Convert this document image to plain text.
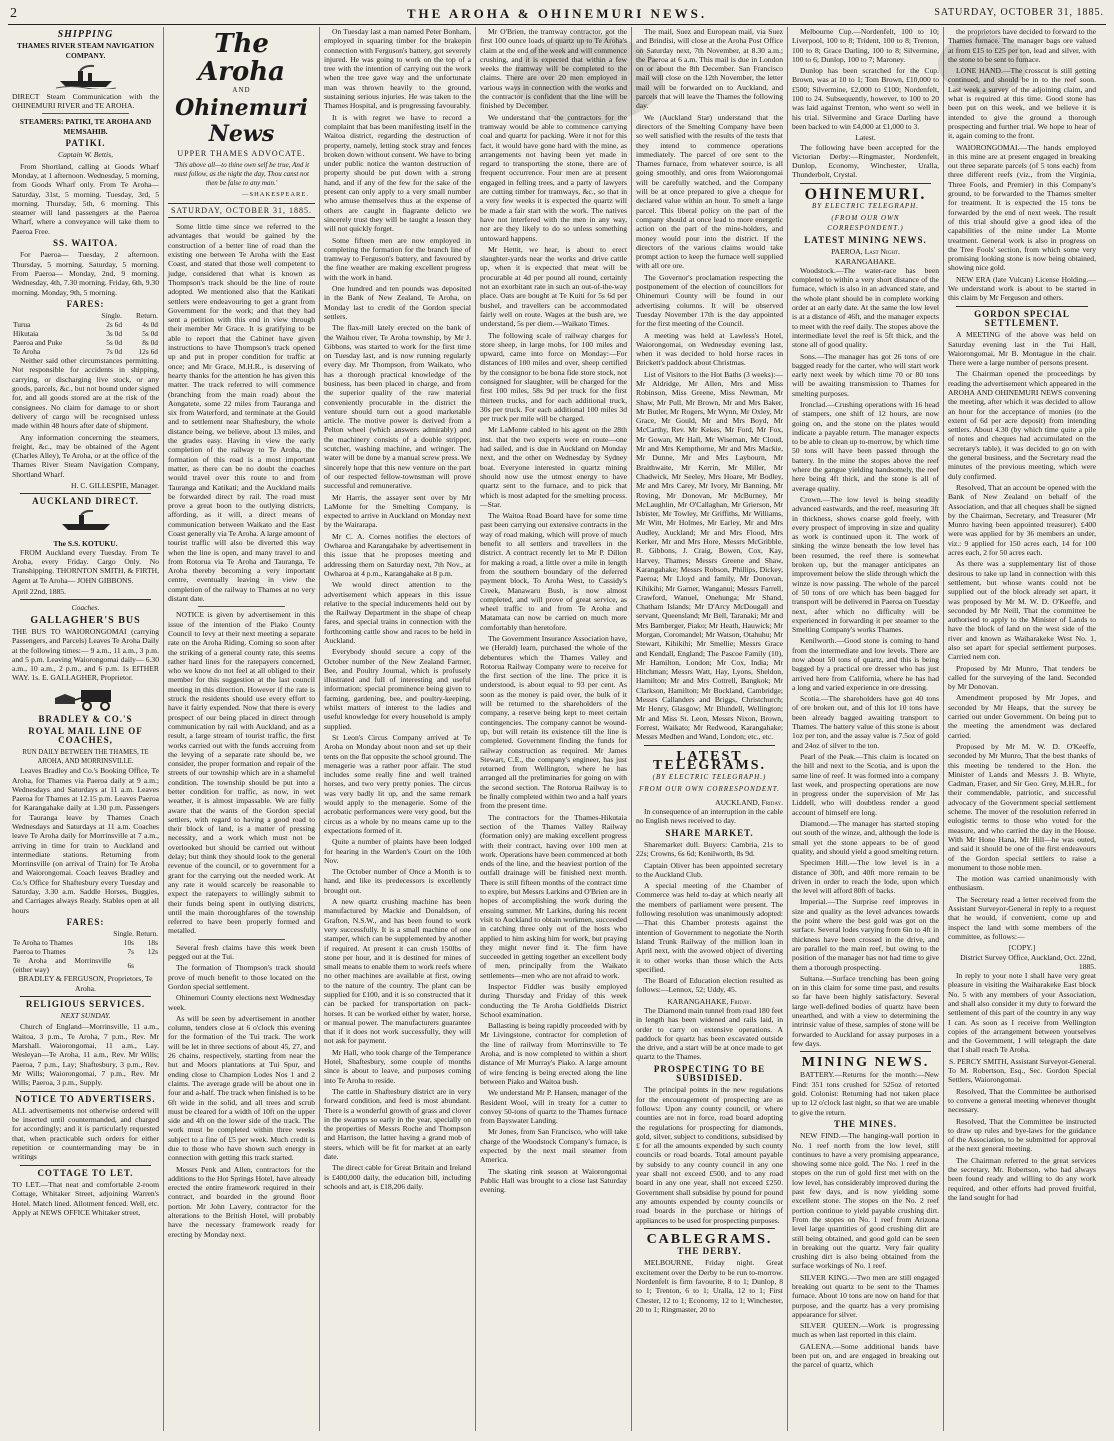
2	THE AROHA & OHINEMURI NEWS.	SATURDAY, OCTOBER 31, 1885.
SHIPPING
THAMES RIVER STEAM NAVIGATION COMPANY.

DIRECT Steam Communication with the OHINEMURI RIVER and TE AROHA.

STEAMERS: PATIKI, TE AROHA AND MEMSAHIB.
PATIKI.
Captain W. Bettis,

From Shortland, calling at Goods Wharf Monday, at 1 afternoon. Wednesday, 5 morning, from Goods Wharf only. From Te Aroha— Saturday, 31st, 5 morning. Tuesday, 3rd, 5 morning. Thursday, 5th, 6 morning. This steamer will land passengers at the Paeroa Wharf, where a conveyance will take them to Paeroa Free.

SS. WAITOA.

For Paeroa— Tuesday, 2 afternoon. Thursday, 5 morning. Saturday, 5 morning. From Paeroa— Monday, 2nd, 9 morning. Wednesday, 4th, 7.30 morning. Friday, 6th, 9.30 morning. Monday, 9th, 5 morning.

FARES:
	Single.	Return.
Turua	2s 6d	4s 0d
Hikutaia	3s 0d	5s 0d
Paeroa and Puke	5s 0d	8s 0d
Te Aroha	7s 0d	12s 6d

Neither said other circumstances permitting. Not responsible for accidents in shipping, carrying, or discharging live stock, or any goods, parcels, &c., but not bound under signed for, and all goods stored are at the risk of the consignees. No claim for damage to or short delivery of cargo will be recognised unless made within 48 hours after date of shipment.

Any information concerning the steamers, freight, &c., may be obtained of the Agent (Charles Alley), Te Aroha, or at the office of the Thames River Steam Navigation Company, Shortland Wharf.

H. C. GILLESPIE, Manager.
AUCKLAND DIRECT.
The S.S. KOTUKU.

FROM Auckland every Tuesday. From Te Aroha, every Friday. Cargo Only. No Transhipping. THORNTON SMITH, & FIRTH, Agent at Te Aroha— JOHN GIBBONS.

April 22nd, 1885.
Coaches.
GALLAGHER'S BUS

THE BUS TO WAIORONGOMAI (carrying Passengers, and Parcels) Leaves Te Aroha Daily at the following times:— 9 a.m., 11 a.m., 3 p.m. and 5 p.m. Leaving Waiorongomai daily— 6.30 a.m., 10 a.m., 2 p.m., and 6 p.m. 1s EITHER WAY. 1s. E. GALLAGHER, Proprietor.

BRADLEY & CO.'S
ROYAL MAIL LINE OF COACHES,
RUN DAILY BETWEEN THE THAMES, TE AROHA, AND MORRINSVILLE.

Leaves Bradley and Co.'s Booking Office, Te Aroha, for Thames via Paeroa daily at 9 a.m.; Wednesdays and Saturdays at 11 a.m. Leaves Paeroa for Thames at 12.15 p.m. Leaves Paeroa for Karangahake daily at 1.30 p.m. Passengers for Tauranga leave by Thames Coach Wednesdays and Saturdays at 11 a.m. Coaches leave Te Aroha daily for Morrinsville at 7 a.m., arriving in time for train to Auckland and intermediate stations. Returning from Morrinsville (on arrival of Train) for Te Aroha and Waiorongomai. Coach leaves Bradley and Co.'s Office for Shaftesbury every Tuesday and Saturday, 3.30 a.m. Saddle Horses, Buggies, and Carriages always Ready. Stables open at all hours

FARES:
	Single.	Return.
Te Aroha to Thames	10s	18s
Paeroa to Thames	7s	12s
Te Aroha and Morrinsville (either way)	6s	
BRADLEY & FERGUSON, Proprietors, Te Aroha.
RELIGIOUS SERVICES.
NEXT SUNDAY.

Church of England—Morrinsville, 11 a.m., Waitoa, 3 p.m., Te Aroha, 7 p.m., Rev. Mr Marshall. Waiorongomai, 11 a.m., Lay. Wesleyan—Te Aroha, 11 a.m., Rev. Mr Wills; Paeroa, 7 p.m., Lay; Shaftesbury, 3 p.m., Rev. Mr Wills; Waiorongomai, 7 p.m., Rev. Mr Wills; Paeroa, 3 p.m., Supply.

NOTICE TO ADVERTISERS.

ALL advertisements not otherwise ordered will be inserted until countermanded, and charged for accordingly; and it is particularly requested that, when practicable such orders for either repetition or countermanding may be in writings

COTTAGE TO LET.

TO LET.—That neat and comfortable 2-room Cottage, Whitaker Street, adjoining Warren's Hotel. Match lined. Allotment fenced. Well, etc. Apply at NEWS OFFICE Whitaker street,

The Aroha
AND
Ohinemuri News
UPPER THAMES ADVOCATE.
'This above all—to thine own self be true, And it must follow, as the night the day, Thou canst not then be false to any man.'
—SHAKESPEARE.
SATURDAY, OCTOBER 31, 1885.

Some little time since we referred to the advantages that would be gained by the construction of a better line of road than the existing one between Te Aroha with the East Coast, and stated that those well competent to judge, considered that what is known as Thompson's track should be the line of route adopted. We mentioned also that the Katikati settlers were endeavouring to get a grant from Government for the work; and that they had sent a petition with this end in view through their member Mr Grace. It is gratifying to be able to report that the Cabinet have given instructions to have Thompson's track opened up and put in proper condition for traffic at once; and Mr Grace, M.H.R., is deserving of hearty thanks for the attention he has given this matter. The track referred to will commence (branching from the main road) about the Aongatete, some 22 miles from Tauranga and six from Waterford, and terminate at the Gould and to settlement near Shaftesbury, the whole distance being, we believe, about 13 miles, and the grades easy. Having in view the early completion of the railway to Te Aroha, the formation of this road is a most important matter, as there can be no doubt the coaches would travel over this route to and from Tauranga and Katikati; and the Auckland mails be forwarded direct by rail. The road must prove a great boon to the outlying districts, affording, as it will, a direct means of communication between Waikato and the East Coast generally via Te Aroha. A large amount of tourist traffic will also be diverted this way when the line is open, and many travel to and from Rotorua via Te Aroha and Tauranga, Te Aroha thereby becoming a very important centre, eventually leaving in view the completion of the railway to Thames at no very distant date.

NOTICE is given by advertisement in this issue of the intention of the Piako County Council to levy at their next meeting a separate rate on the Aroha Riding. Coming so soon after the striking of a general county rate, this seems rather hard lines for the ratepayers concerned, who we know do not feel at all obliged to their member for this suggestion at the last council meeting in this direction. However if the rate is struck the residents should use every effort to have it fairly expended. Now that there is every prospect of our being placed in direct through communication by rail with Auckland, and as a result, a large stream of tourist traffic, the first works carried out with the funds accruing from the levying of a separate rate should be, we consider, the proper formation and repair of the streets of our township which are in a shameful condition. The township should be put into a better condition for traffic, as now, in wet weather, it is almost impassable. We are fully aware that the wants of the Gordon special settlers, with regard to having a good road to their block of land, is a matter of pressing necessity, and a work which must not be overlooked but should be carried out without delay; but think they should look to the general revenue of the council, or to government for a grant for the carrying out the needed work. At any rate it would scarcely be reasonable to expect the ratepayers to willingly submit to their funds being spent in outlying districts, until the main thoroughfares of the township referred to have been properly formed and metalled.

Several fresh claims have this week been pegged out at the Tui.

The formation of Thompson's track should prove of much benefit to those located on the Gordon special settlement.

Ohinemuri County elections next Wednesday week.

As will be seen by advertisement in another column, tenders close at 6 o'clock this evening for the formation of the Tui track. The work will be let in three sections of about 45, 27, and 26 chains, respectively, starting from near the hut and Moors plantations at Tui Spur, and ending close to Champion Lodes Nos 1 and 2 claims. The average grade will be about one in four and a-half. The track when finished is to be 6ft wide in the solid, and all trees and scrub must be cleared for a width of 10ft on the upper side and 4ft on the lower side of the track. The work must be completed within three weeks subject to a fine of £5 per week. Much credit is due to those who have shown such energy in connection with getting this track started.

Messrs Penk and Allen, contractors for the additions to the Hot Springs Hotel, have already erected the entire framework required in their contract, and boarded in the ground floor portion. Mr John Lavery, contractor for the alterations to the British Hotel, will probably have the necessary framework ready for erecting by Monday next.

On Tuesday last a man named Peter Bonham, employed in squaring timber for the brakepin connection with Ferguson's battery, got severely injured. He was going to work on the top of a tree with the intention of carrying out the work when the tree gave way and the unfortunate man was thrown heavily to the ground, sustaining serious injuries. He was taken to the Thames Hospital, and is progressing favourably.

It is with regret we have to record a complaint that has been manifesting itself in the Waitoa district, regarding the destruction of property, namely, letting stock stray and fences broken down without consent. We have to bring under public notice the wanton destruction of property should be put down with a strong hand, and if any of the few for the sake of the present can only apply to a very small number who amuse themselves thus at the expense of others are caught in flagrante delicto we sincerely trust they will be taught a lesson they will not quickly forget.

Some fifteen men are now employed in completing the formation for the branch line of tramway to Ferguson's battery, and favoured by the fine weather are making excellent progress with the work in hand.

One hundred and ten pounds was deposited in the Bank of New Zealand, Te Aroha, on Monday last to credit of the Gordon special settlers.

The flax-mill lately erected on the bank of the Waihou river, Te Aroha township, by Mr J. Gibbons, was started to work for the first time on Tuesday last, and is now running regularly every day. Mr Thompson, from Waikato, who has a thorough practical knowledge of the business, has been placed in charge, and from the superior quality of the raw material conveniently procurable in the district the venture should turn out a good marketable article. The motive power is derived from a Pelton wheel (which answers admirably) and the machinery consists of a double stripper, scutcher, washing machine, and wringer. The water will be done by a manual screw press. We sincerely hope that this new venture on the part of our respected fellow-townsman will prove successful and remunerative.

Mr Harris, the assayer sent over by Mr LaMonte for the Smelting Company, is expected to arrive in Auckland on Monday next by the Wairarapa.

Mr C. A. Cornes notifies the electors of Owharoa and Karangahake by advertisement in this issue that he proposes meeting and addressing them on Saturday next, 7th Nov., at Owharoa at 4 p.m., Karangahake at 8 p.m.

We would direct attention to the advertisement which appears in this issue relative to the special inducements held out by the Railway Department in the shape of cheap fares, and special trains in connection with the forthcoming cattle show and races to be held in Auckland.

Everybody should secure a copy of the October number of the New Zealand Farmer, Bee, and Poultry Journal, which is profusely illustrated and full of interesting and useful information; special prominence being given to farming, gardening, bee, and poultry-keeping, whilst matters of interest to the ladies and useful knowledge for every household is amply supplied.

St Leon's Circus Company arrived at Te Aroha on Monday about noon and set up their tents on the flat opposite the school ground. The menagerie was a rather poor affair. The stud includes some really fine and well trained horses, and two very pretty ponies. The circus was very badly lit up, and the same remark would apply to the menagerie. Some of the acrobatic performances were very good, but the circus as a whole by no means came up to the expectations formed of it.

Quite a number of plaints have been lodged for hearing in the Warden's Court on the 10th Nov.

The October number of Once a Month is to hand, and like its predecessors is excellently brought out.

A new quartz crushing machine has been manufactured by Mackie and Donaldson, of Grafton, N.S.W., and has been found to work very successfully. It is a small machine of one stamper, which can be supplemented by another if required. At present it can crush 150lbs of stone per hour, and it is destined for mines of small means to enable them to work reefs where no other machines are available at first, owing to the nature of the country. The plant can be supplied for £100, and it is so constructed that it can be packed for transportation on pack-horses. It can be worked either by water, horse, or manual power. The manufacturers guarantee that if it does not work successfully, they will not ask for payment.

Mr Hall, who took charge of the Temperance Hotel, Shaftesbury, some couple of months since is about to leave, and purposes coming into Te Aroha to reside.

The cattle in Shaftesbury district are in very forward condition, and feed is most abundant. There is a wonderful growth of grass and clover in the swamps so early in the year, specially on the properties of Messrs Roche and Thompson and Harrison, the latter having a grand mob of steers, which will be fit for market at an early date.

The direct cable for Great Britain and Ireland is £400,000 daily, the education bill, including schools and art, is £18,206 daily.

Mr O'Brien, the tramway contractor, got the first 100 ounce loads of quartz up to Te Aroha's claim at the end of the week and will commence crushing, and it is expected that within a few weeks the tramway will be completed to the claims. There are over 20 men employed in various ways in connection with the works and the contractor is confident that the line will be finished by December.

We understand that the contractors for the tramway would be able to commence carrying coal and quartz for packing. Were it not for this fact, it would have gone hard with the mine, as arrangements not having been yet made in regard to transporting the stone, there are of frequent occurrence. Four men are at present engaged in felling trees, and a party of lawyers are cutting timber for tramways, &c., so that in a very few weeks it is expected the quartz will be made a fair start with the work. The natives have not interfered with the men in any way, nor are they likely to do so unless something untoward happens.

Mr Hettit, we hear, is about to erect slaughter-yards near the works and drive cattle up, when it is expected that meat will be procurable at 4d per pound all round, certainly not an exorbitant rate in such an out-of-the-way place. Oats are bought at Te Kuiti for 5s 6d per bushel, and travellers can be accommodated fairly well on route. Wages at the bush are, we understand, 5s per diem.—Waikato Times.

The following scale of railway charges for store sheep, in large mobs, for 100 miles and upward, came into force on Monday:—For distances of 100 miles and over, sheep certified by the consignor to be bona fide store stock, not consigned for slaughter, will be charged for the first 100 miles, 58s 9d per truck for the first thirteen trucks, and for each additional truck, 30s per truck. For each additional 100 miles 3d per truck per mile will be charged.

Mr LaMonte cabled to his agent on the 28th inst. that the two experts were en route—one had sailed, and is due in Auckland on Monday next, and the other on Wednesday by Sydney boat. Everyone interested in quartz mining should now use the utmost energy to have quartz sent to the furnace, and to pick that which is most adapted for the smelting process.—Star.

The Waitoa Road Board have for some time past been carrying out extensive contracts in the way of road making, which will prove of much benefit to all settlers and travellers in the district. A contract recently let to Mr P. Dillon for making a road, a little over a mile in length from the southern boundary of the deferred payment block, To Aroha West, to Cassidy's Creek, Manawaru Bush, is now almost completed, and will prove of great service, as wheel traffic to and from Te Aroha and Matamata can now be carried on much more comfortably than heretofore.

The Government Insurance Association have, we (Herald) learn, purchased the whole of the debentures which the Thames Valley and Rotorua Railway Company were to receive for the first section of the line. The price it is understood, is about equal to 93 per cent. As soon as the money is paid over, the bulk of it will be returned to the shareholders of the company, a reserve being kept to meet certain contingencies. The company cannot be wound-up, but will retain its existence till the line is completed. Government finding the funds for railway construction as required. Mr James Stewart, C.E., the company's engineer, has just returned from Wellington, where he has arranged all the preliminaries for going on with the second section. The Rotorua Railway is to be finally completed within two and a half years from the present time.

The contractors for the Thames-Hikutaia section of the Thames Valley Railway (formation only) are making excellent progress with their contract, having over 100 men at work. Operations have been commenced at both ends of the line, and the heaviest portion of the outfall drainage will be finished next month. There is still fifteen months of the contract time to expire, but Messrs Larkins and O'Brien are in hopes of accomplishing the work during the ensuing summer. Mr Larkins, during his recent visit to Auckland to obtain workmen, succeeded in catching three only out of the hosts who applied to him asking him for work, but praying they might never find it. The firm have succeeded in getting together an excellent body of men, principally from the Waikato settlements—men who are not afraid to work.

Inspector Fiddler was busily employed during Thursday and Friday of this week conducting the Te Aroha Goldfields District School examination.

Ballasting is being rapidly proceeded with by Mr Livingstone, contractor for completion of the line of railway from Morrinsville to Te Aroha, and is now completed to within a short distance of Mr Murray's Piako. A large amount of wire fencing is being erected along the line between Piako and Waitoa bush.

We understand Mr P. Hansen, manager of the Resident Wool, will in treaty for a cutter to convey 50-tons of quartz to the Thames furnace from Bayswater Landing.

Mr Jones, from San Francisco, who will take charge of the Woodstock Company's furnace, is expected by the next mail steamer from America.

The skating rink season at Waiorongomai Public Hall was brought to a close last Saturday evening.

The mail, Suez and European mail, via Suez and Brindisi, will close at the Aroha Post Office on Saturday next, 7th November, at 8.30 a.m.; the Paeroa at 6 a.m. This mail is due in London on or about the 8th December. San Francisco mail will close on the 12th November, the letter mail will be forwarded on to Auckland, and parcels that will leave the Thames the following day.

We (Auckland Star) understand that the directors of the Smelting Company have been so well satisfied with the results of the tests that they intend to commence operations immediately. The parcel of ore sent to the Thames furnace, from whatever source, is all going smoothly, and ores from Waiorongomai will be carefully watched, and the Company will be at once prepared to give a cheque for declared value within an hour. To smelt a large parcel. This liberal policy on the part of the company should at once lead to more energetic action on the part of the mine-holders, and money would pour into the district. If the directors of the various claims would take prompt action to keep the furnace well supplied with all ore ore.

The Governor's proclamation respecting the postponement of the election of councillors for Ohinemuri County will be found in our advertising columns. It will be observed Tuesday November 17th is the day appointed for the first meeting of the Council.

A meeting was held at Lawless's Hotel, Waiorongomai, on Wednesday evening last, when it was decided to hold horse races in Brickett's paddock about Christmas.

List of Visitors to the Hot Baths (3 weeks):—Mr Aldridge, Mr Allen, Mrs and Miss Robinson, Miss Greene, Miss Newman, Mr Shaw, Mr Pull, Mr Brown, Mr and Mrs Baker, Mr Butler, Mr Rogers, Mr Wynn, Mr Oxley, Mr Grace, Mr Gould, Mr and Mrs Boyd, Mr McCarthy, Rev. Mr Kekes, Mr Ford, Mr Fox, Mr Gowan, Mr Hall, Mr Wiseman, Mr Cloud, Mr and Mrs Kempthorne, Mr and Mrs Mackie, Mr Dunne, Mr and Mrs Laybourn, Mr Braithwaite, Mr Kerrin, Mr Miller, Mr Chadwick, Mr Seeley, Mrs Hoare, Mr Bodley, Mr and Mrs Carey, Mr Ivory, Mr Banning, Mr Roving, Mr Donovan, Mr McBurney, Mr McLaughlin, Mr O'Callaghan, Mr Grierson, Mr Isbister, Mr Towley, Mr Griffiths, Mr Williams, Mr Witt, Mr Holmes, Mr Earley, Mr and Mrs Audley, Auckland; Mr and Mrs Flood, Mrs Kerker, Mr and Mrs Hore, Messrs McGribble, R. Gibbons, J. Craig, Bowen, Cox, Kay, Harvey, Thames; Messrs Greene and Shaw, Karangahake; Messrs Robson, Phillips, Dickey, Paeroa; Mr Lloyd and family, Mr Donovan, Kihikihi; Mr Garner, Wanganui; Messrs Farrell, Crawford, Wanuel, Onehunga; Mr Shand, Chatham Islands; Mr D'Arcy McDougall and servant, Queensland; Mr Bell, Taranaki; Mr and Mrs Bamberger, Piako; Mr Heath, Hauwick; Mr Morgan, Coromandel; Mr Watson, Otahuhu; Mr Stewart, Kihikihi; Mr Smellie; Messrs Grace and Kendall, England; The Pascoe Family (10), Mr Hamilton, London; Mr Cox, India; Mr Hitchman; Messrs Watt, Hay, Lyons, Sheldon, Hamilton; Mr and Mrs Cottrell, Bangkok; Mr Clarkson, Hamilton; Mr Buckland, Cambridge; Messrs Callanders and Briggs, Christchurch; Mr Henry, Glasgow; Mr Blundell, Wellington; Mr and Miss St. Leon, Messrs Nixon, Brown, Forrest, Waikato; Mr Redwood, Karangahake; Messrs Medhen and Wand, London; etc., etc.

LATEST TELEGRAMS.
(BY ELECTRIC TELEGRAPH.)
FROM OUR OWN CORRESPONDENT.
AUCKLAND, Friday.

In consequence of an interruption in the cable no English news received to day.

SHARE MARKET.

Sharemarket dull. Buyers: Cambria, 21s to 22s; Crowns, 6s 6d; Kenilworth, 8s 9d.

Captain Oliver has been appointed secretary to the Auckland Club.

A special meeting of the Chamber of Commerce was held to-day at which nearly all the members of parliament were present. The following resolution was unanimously adopted:—That this Chamber protests against the intention of Government to negotiate the North Island Trunk Railway of the million loan in April next, with the avowed object of diverting it to other works than those which the Acts specified.

The Board of Education election resulted as follows:—Lennox, 52; Uddy, 45.

KARANGAHAKE, Friday.

The Diamond main tunnel from road 180 feet in length has been widened and rails laid, in order to carry on extensive operations. A paddock for quartz has been excavated outside the drive, and a start will be at once made to get quartz to the Thames.

PROSPECTING TO BE SUBSIDISED.

The principal points in the new regulations for the encouragement of prospecting are as follows: Upon any county council, or where counties are not in force, road board adopting the regulations for prospecting for diamonds, gold, silver, subject to conditions, subsidised by £ for all the amounts expended by such county councils or road boards. Total amount payable by subsidy to any county council in any one year shall not exceed £500, and to any road board in any one year, shall not exceed £250. Government shall subsidise by pound for pound any amounts expended by county councils or road boards in the purchase or hirings of appliances to be used for prospecting purposes.

CABLEGRAMS.
THE DERBY.

MELBOURNE, Friday night. Great excitement over the Derby to be run to-morrow. Nordenfelt is firm favourite, 8 to 1; Dunlop, 8 to 1; Trenton, 6 to 1; Uralla, 12 to 1; First Chester, 12 to 1; Economy, 12 to 1; Winchester, 20 to 1; Ringmaster, 20 to

Melbourne Cup.—Nordenfelt, 100 to 10; Liverpool, 100 to 8; Trident, 100 to 8; Trenton, 100 to 8; Grace Darling, 100 to 8; Silvermine, 100 to 6; Dunlop, 100 to 7; Maroney.

Dunlop has been scratched for the Cup. Brown, was at 10 to 1; Tom Brown, £10,000 to £500; Silvermine, £2,000 to £100; Nordenfelt, 100 to 24. Subsequently, however, to 100 to 20 was laid against Trenton, who went so well in his trial. Silvermine and Grace Darling have been backed to win £4,000 at £1,000 to 3.

Latest.

The following have been accepted for the Victorian Derby:—Ringmaster, Nordenfelt, Dunlop, Economy, Winchester, Uralla, Thunderbolt, Crystal.

OHINEMURI.
BY ELECTRIC TELEGRAPH.
(FROM OUR OWN CORRESPONDENT.)
LATEST MINING NEWS.
PAEROA, Last Night.
KARANGAHAKE.

Woodstock.—The water-race has been completed to within a very short distance of the furnace, which is also in an advanced state, and the whole plant should be in complete working order at an early date. At the same the low level is at a distance of 46ft, and the manager expects to meet with the reef daily. The stopes above the intermediate level the reef is 5ft thick, and the stone all of good quality.

Sons.—The manager has got 26 tons of ore bagged ready for the carter, who will start work early next week by which time 70 or 80 tons will be awaiting transmission to Thames for smelting purposes.

Ironclad.—Crushing operations with 16 head of stampers, one shift of 12 hours, are now going on, and the stone on the plates would indicate a payable return. The manager expects to be able to clean up to-morrow, by which time 50 tons will have been passed through the battery. In the mine the stopes above the reef where the gangue yielding handsomely, the reef here being 4ft thick, and the stone is all of average quality.

Crown.—The low level is being steadily advanced eastwards, and the reef, measuring 3ft in thickness, shows coarse gold freely, with every prospect of improving in size and quality as work is continued upon it. The work of sinking the winze beneath the low level has been resumed, the reef there is somewhat broken up, but the manager anticipates an improvement below the slide through which the winze is now passing. The whole of the parcel of 50 tons of ore which has been bagged for transport will be delivered in Paeroa on Tuesday next, after which no difficulty will be experienced in forwarding it per steamer to the Smelting Company's works Thames.

Kenilworth.—Good stone is coming to hand from the intermediate and low levels. There are now about 50 tons of quartz, and this is being bagged by a practical ore dresser who has just arrived here from California, where he has had a long and varied experience in ore dressing.

Scotia.—The shareholders have got 40 tons of ore broken out, and of this lot 10 tons have been already bagged awaiting transport to Thames. The battery value of this stone is about 1oz per ton, and the assay value is 7.5oz of gold and 24oz of silver to the ton.

Pearl of the Peak.—This claim is located on the hill and next to the Scotia, and is upon the same line of reef. It was formed into a company last week, and prospecting operations are now in progress under the supervision of Mr Jas Liddell, who will doubtless render a good account of himself ere long.

Diamond.—The manager has started stoping out south of the winze, and, although the lode is small yet the stone appears to be of good quality, and should yield a good smelting return.

Specimen Hill.—The low level is in a distance of 30ft, and 40ft more remain to be driven in order to reach the lode, upon which the level will afford 80ft of backs.

Imperial.—The Surprise reef improves in size and quality as the level advances towards the point where the best gold was got on the surface. Several lodes varying from 6in to 4ft in thickness have been crossed in the drive, and are parallel to the main reef, but owing to the position of the manager has not had time to give them a thorough prospecting.

Sultana.—Surface trenching has been going on in this claim for some time past, and results so far have been highly satisfactory. Several large well-defined bodies of quartz have been unearthed, and with a view to determining the intrinsic value of these, samples of stone will be forwarded to Auckland for assay purposes in a few days.

MINING NEWS.

BATTERY.—Returns for the month:—New Find: 351 tons crushed for 525oz of retorted gold. Colonist: Returning had not taken place up to 12 o'clock last night, so that we are unable to give the return.

THE MINES.

NEW FIND.—The hanging-wall portion in No. 1 reef north from the low level, still continues to have a very promising appearance, showing some nice gold. The No. 1 reef in the stopes on the run of gold first met with on the low level, has considerably improved during the past few days, and is now yielding some excellent stone. The stopes on the No. 2 reef portion continue to yield payable crushing dirt. From the stopes on No. 1 reef from Arizona level large quantities of good crushing dirt are still being obtained, and good gold can be seen in breaking out the quartz. Very fair quality crushing dirt is also being obtained from the surface workings of No. 1 reef.

SILVER KING.—Two men are still engaged breaking out quartz to be sent to the Thames furnace. About 10 tons are now on hand for that purpose, and the quartz has a very promising appearance for silver.

SILVER QUEEN.—Work is progressing much as when last reported in this claim.

GALENA.—Some additional hands have been put on, and are engaged in breaking out the parcel of quartz, which

the proprietors have decided to forward to the Thames furnace. The manager bags ore valued at from £15 to £25 per ton, lead and silver, with the stone to be sent to furnace.

LONE HAND.—The crosscut is still getting continued, and should be in to the reef soon. Last week a survey of the adjoining claim, and what is required at this time. Good stone has been put on this week, and we believe it is intended to give the ground a thorough prospecting and further trial. We hope to hear of it, again coming to the front.

WAIORONGOMAI.—The hands employed in this mine are at present engaged in breaking out three separate parcels (of 5 tons each) from three different reefs (viz., from the Virginia, Three Fools, and Premier) in this Company's ground, to be forwarded to the Thames smelter for treatment. It is expected the 15 tons be forwarded by the end of next week. The result of this trial should give a good idea of the capabilities of the mine under La Monte treatment. General work is also in progress on the Tree Fools' section, from which some very promising looking stone is now being obtained, showing nice gold.

NEW ERA (late Vulcan) License Holding.—We understand work is about to be started in this claim by Mr Ferguson and others.

GORDON SPECIAL SETTLEMENT.

A MEETING of the above was held on Saturday evening last in the Tui Hall, Waiorongomai, Mr B. Montague in the chair. There were a large number of persons present.

The Chairman opened the proceedings by reading the advertisement which appeared in the AROHA AND OHINEMURI NEWS convening the meeting, after which it was decided to allow an hour for the acceptance of monies (to the extent of 6d per acre deposit) from intending settlers. About 4.30 (by which time quite a pile of notes and cheques had accumulated on the secretary's table), it was decided to go on with the general business, and the Secretary read the minutes of the previous meeting, which were duly confirmed.

Resolved, That an account be opened with the Bank of New Zealand on behalf of the Association, and that all cheques shall be signed by the Chairman, Secretary, and Treasurer (Mr Munro having been appointed treasurer). £400 were was applied for by 36 members an under, viz.: 9 applied for 150 acres each, 14 for 100 acres each, 2 for 50 acres each.

As there was a supplementary list of those desirous to take up land in connection with this settlement, but whose wants could not be supplied out of the block already set apart, it was proposed by Mr M. W. D. O'Keeffe, and seconded by Mr Neill, That the committee be authorised to apply to the Minister of Lands to have the block of land on the west side of the river and known as Waiharakeke West No. 1, also set apart for special settlement purposes. Carried nem con.

Proposed by Mr Munro, That tenders be called for the surveying of the land. Seconded by Mr Donovan.

Amendment proposed by Mr Jopes, and seconded by Mr Heaps, that the survey be carried out under Government. On being put to the meeting the amendment was declared carried.

Proposed by Mr M. W. D. O'Keeffe, seconded by Mr Munro, That the best thanks of this meeting be tendered to the Hon. the Minister of Lands and Messrs J. B. Whyte, Cadman, Fraser, and Sir Geo. Grey, M.H.R., for their commendable, patriotic, and successful advocacy of the Government special settlement scheme. The mover of the resolution referred in eulogistic terms to those who voted for the measure, and who carried the day in the House. With Mr Hone Hana, Mr Hill—he was outed, and said it should be one of the first endeavours of the Gordon special settlers to raise a monument to those noble men.

The motion was carried unanimously with enthusiasm.

The Secretary read a letter received from the Assistant Surveyor-General in reply to a request that he would, if convenient, come up and inspect the land with some members of the committee, as follows:—

[COPY.]
District Survey Office, Auckland, Oct. 22nd, 1885.

In reply to your note I shall have very great pleasure in visiting the Waiharakeke East block No. 5 with any members of your Association, and shall also consider it my duty to forward the settlement of this part of the country in any way I can. As soon as I receive from Wellington copies of the arrangement between yourselves and the Government, I will telegraph the date that I shall reach Te Aroha.

S. PERCY SMITH, Assistant Surveyor-General.

To M. Robertson, Esq., Sec. Gordon Special Settlers, Waiorongomai.

Resolved, That the Committee be authorised to convene a general meeting whenever thought necessary.

Resolved, That the Committee be instructed to draw up rules and bye-laws for the guidance of the Association, to be submitted for approval at the next general meeting.

The Chairman referred to the great services the secretary, Mr. Robertson, who had always been found ready and willing to do any work required, and other efforts had proved fruitful, the land sought for had
